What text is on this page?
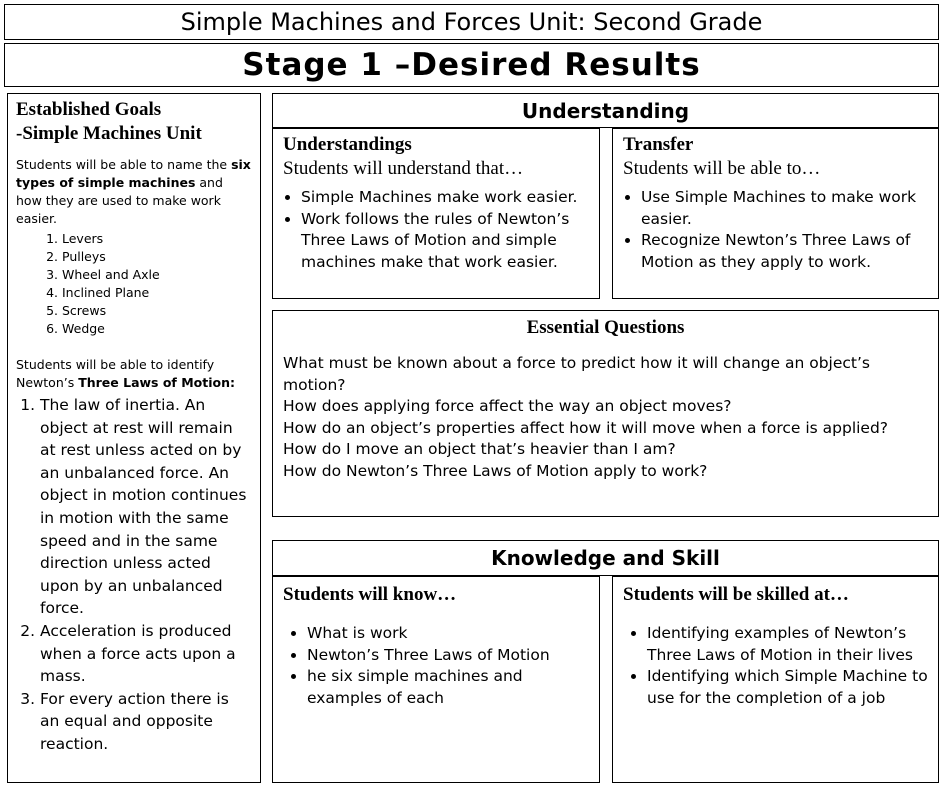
Simple Machines and Forces Unit: Second Grade
Stage 1 –Desired Results

Established Goals

-Simple Machines Unit

Students will be able to name the six types of simple machines and how they are used to make work easier.

1. Levers
2. Pulleys
3. Wheel and Axle
4. Inclined Plane
5. Screws
6. Wedge

Students will be able to identify Newton’s Three Laws of Motion:

1. The law of inertia. An object at rest will remain at rest unless acted on by an unbalanced force. An object in motion continues in motion with the same speed and in the same direction unless acted upon by an unbalanced force.
2. Acceleration is produced when a force acts upon a mass.
3. For every action there is an equal and opposite reaction.
Understanding

Understandings

Students will understand that…

• Simple Machines make work easier.
• Work follows the rules of Newton’s Three Laws of Motion and simple machines make that work easier.

Transfer

Students will be able to…

• Use Simple Machines to make work easier.
• Recognize Newton’s Three Laws of Motion as they apply to work.

Essential Questions

What must be known about a force to predict how it will change an object’s motion?

How does applying force affect the way an object moves?

How do an object’s properties affect how it will move when a force is applied?

How do I move an object that’s heavier than I am?

How do Newton’s Three Laws of Motion apply to work?

Knowledge and Skill

Students will know…

• What is work
• Newton’s Three Laws of Motion
• he six simple machines and examples of each

Students will be skilled at…

• Identifying examples of Newton’s Three Laws of Motion in their lives
• Identifying which Simple Machine to use for the completion of a job
